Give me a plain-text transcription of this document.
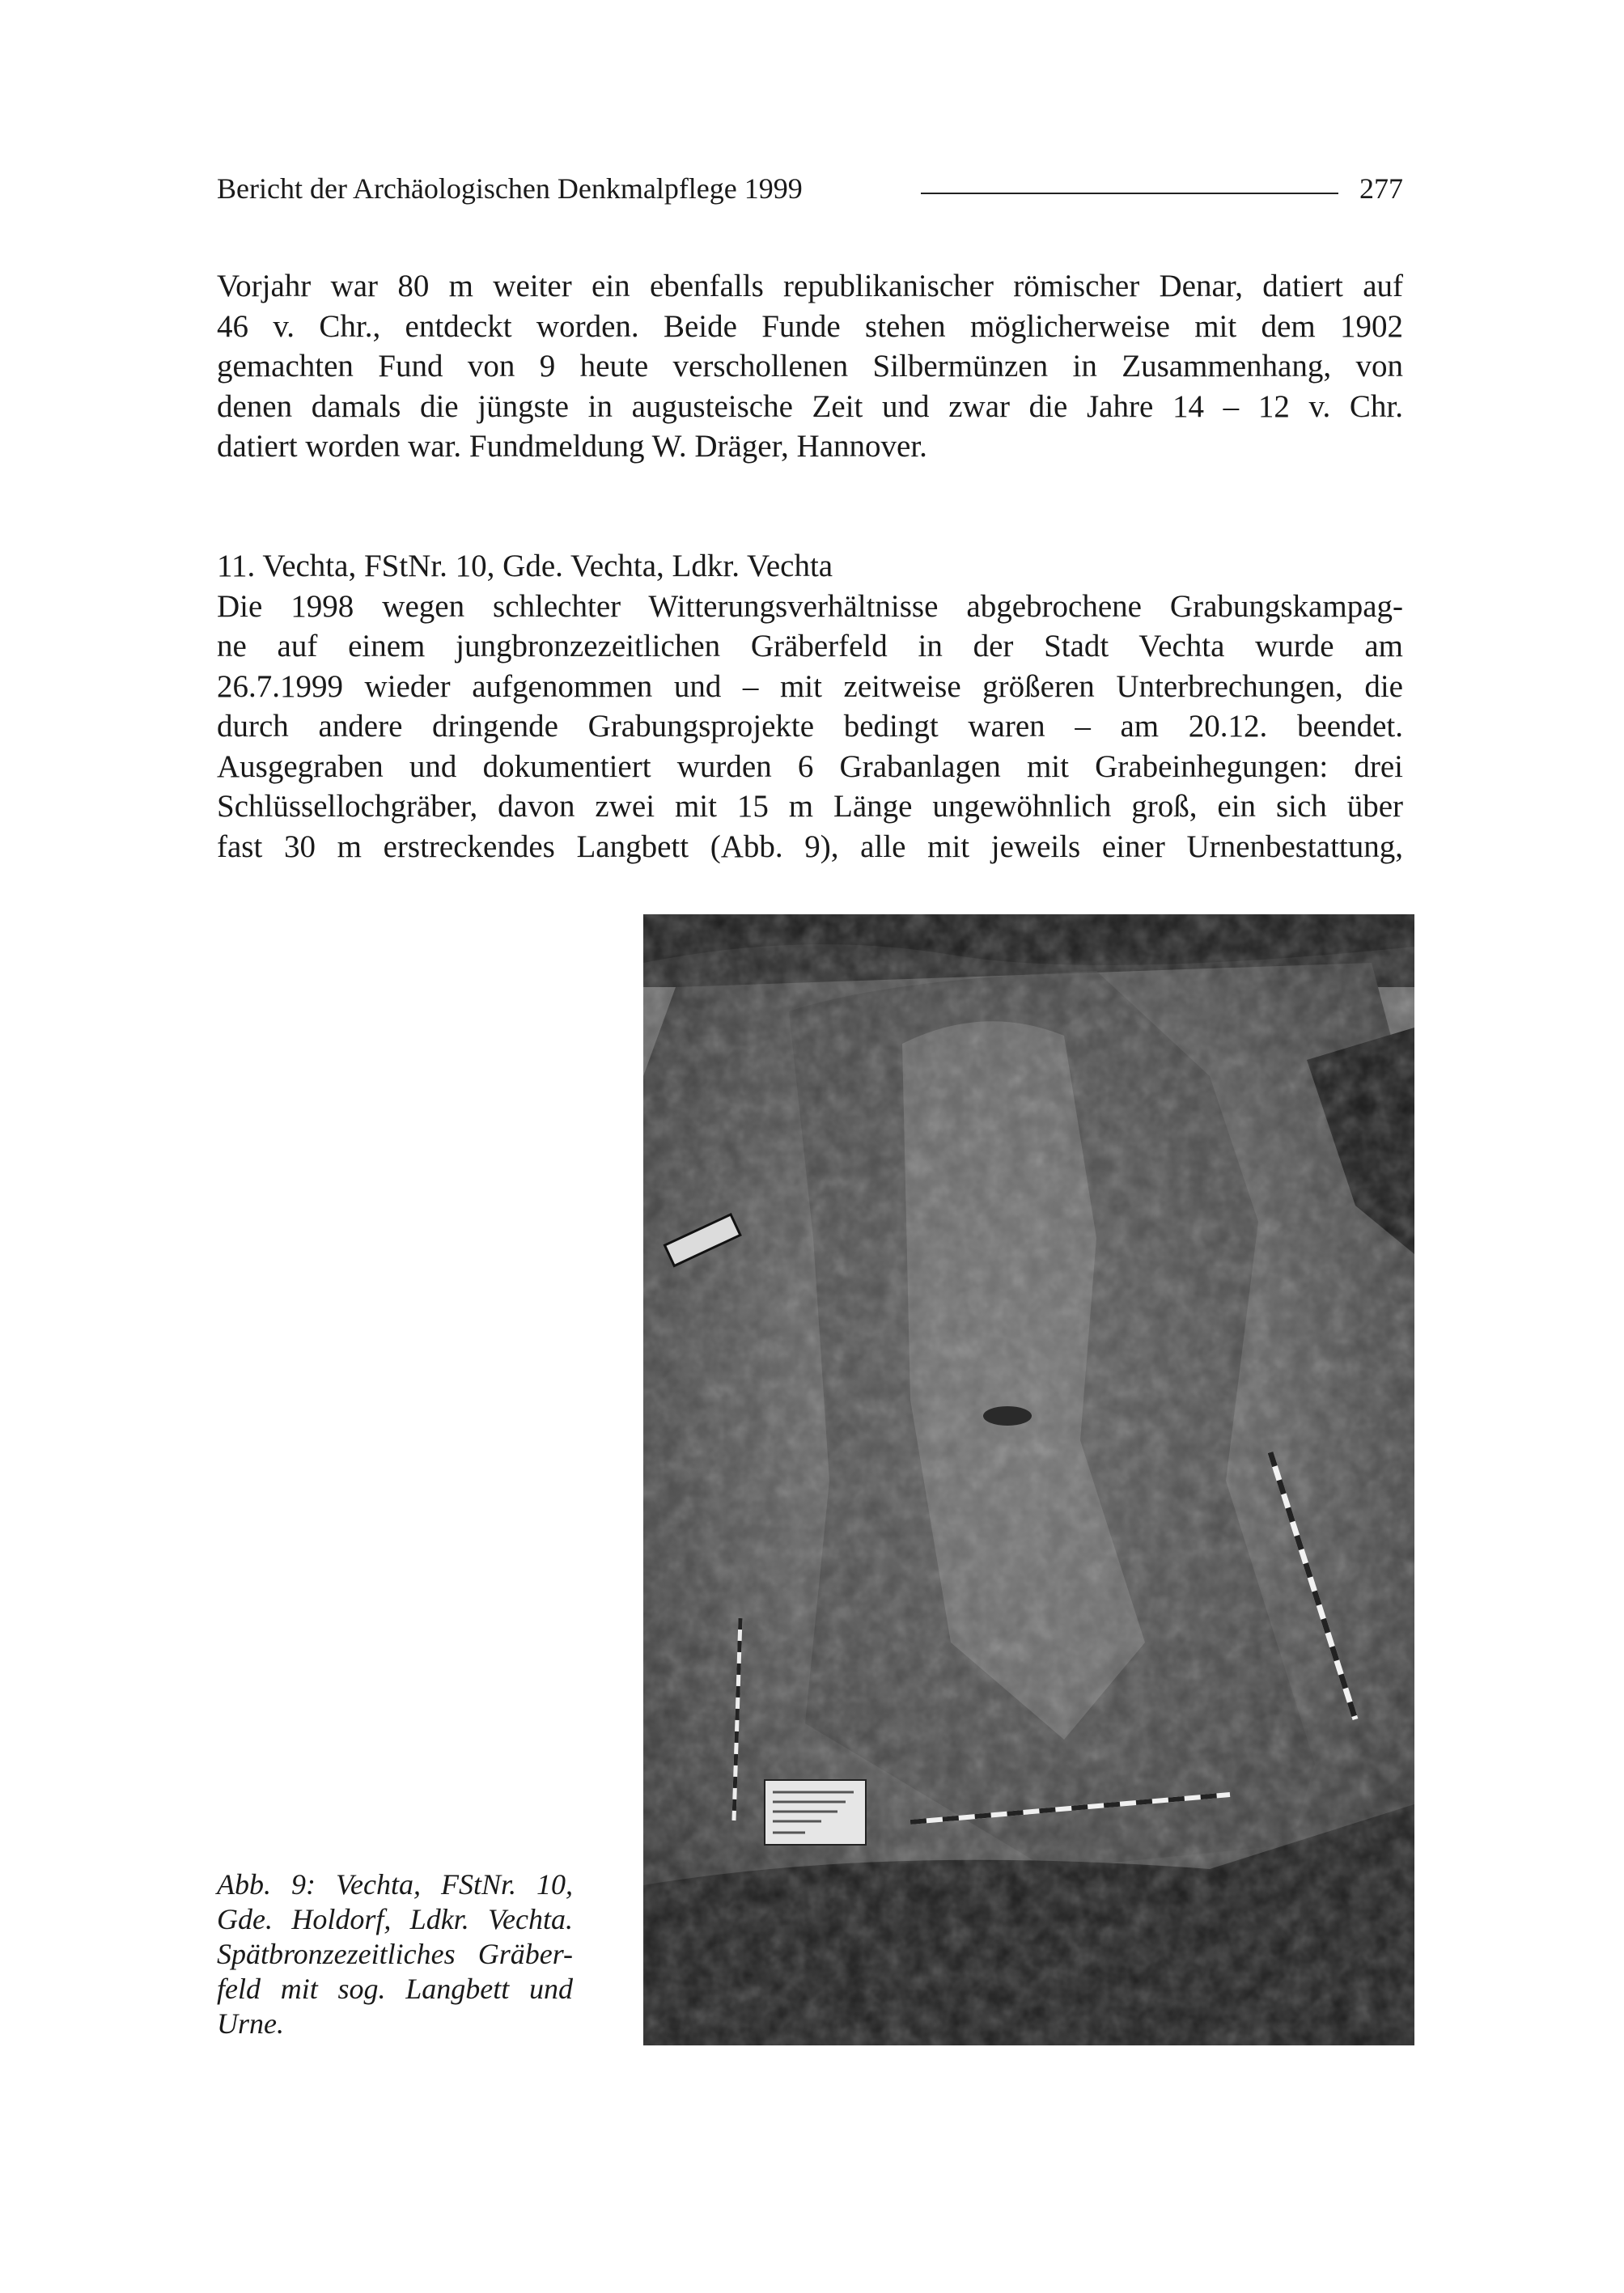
Bericht der Archäologischen Denkmalpflege 1999	277
Vorjahr war 80 m weiter ein ebenfalls republikanischer römischer Denar, datiert auf
46 v. Chr., entdeckt worden. Beide Funde stehen möglicherweise mit dem 1902
gemachten Fund von 9 heute verschollenen Silbermünzen in Zusammenhang, von
denen damals die jüngste in augusteische Zeit und zwar die Jahre 14 – 12 v. Chr.
datiert worden war. Fundmeldung W. Dräger, Hannover.
11. Vechta, FStNr. 10, Gde. Vechta, Ldkr. Vechta
Die 1998 wegen schlechter Witterungsverhältnisse abgebrochene Grabungskampag-
ne auf einem jungbronzezeitlichen Gräberfeld in der Stadt Vechta wurde am
26.7.1999 wieder aufgenommen und – mit zeitweise größeren Unterbrechungen, die
durch andere dringende Grabungsprojekte bedingt waren – am 20.12. beendet.
Ausgegraben und dokumentiert wurden 6 Grabanlagen mit Grabeinhegungen: drei
Schlüssellochgräber, davon zwei mit 15 m Länge ungewöhnlich groß, ein sich über
fast 30 m erstreckendes Langbett (Abb. 9), alle mit jeweils einer Urnenbestattung,
Abb. 9: Vechta, FStNr. 10,
Gde. Holdorf, Ldkr. Vechta.
Spätbronzezeitliches Gräber-
feld mit sog. Langbett und
Urne.
